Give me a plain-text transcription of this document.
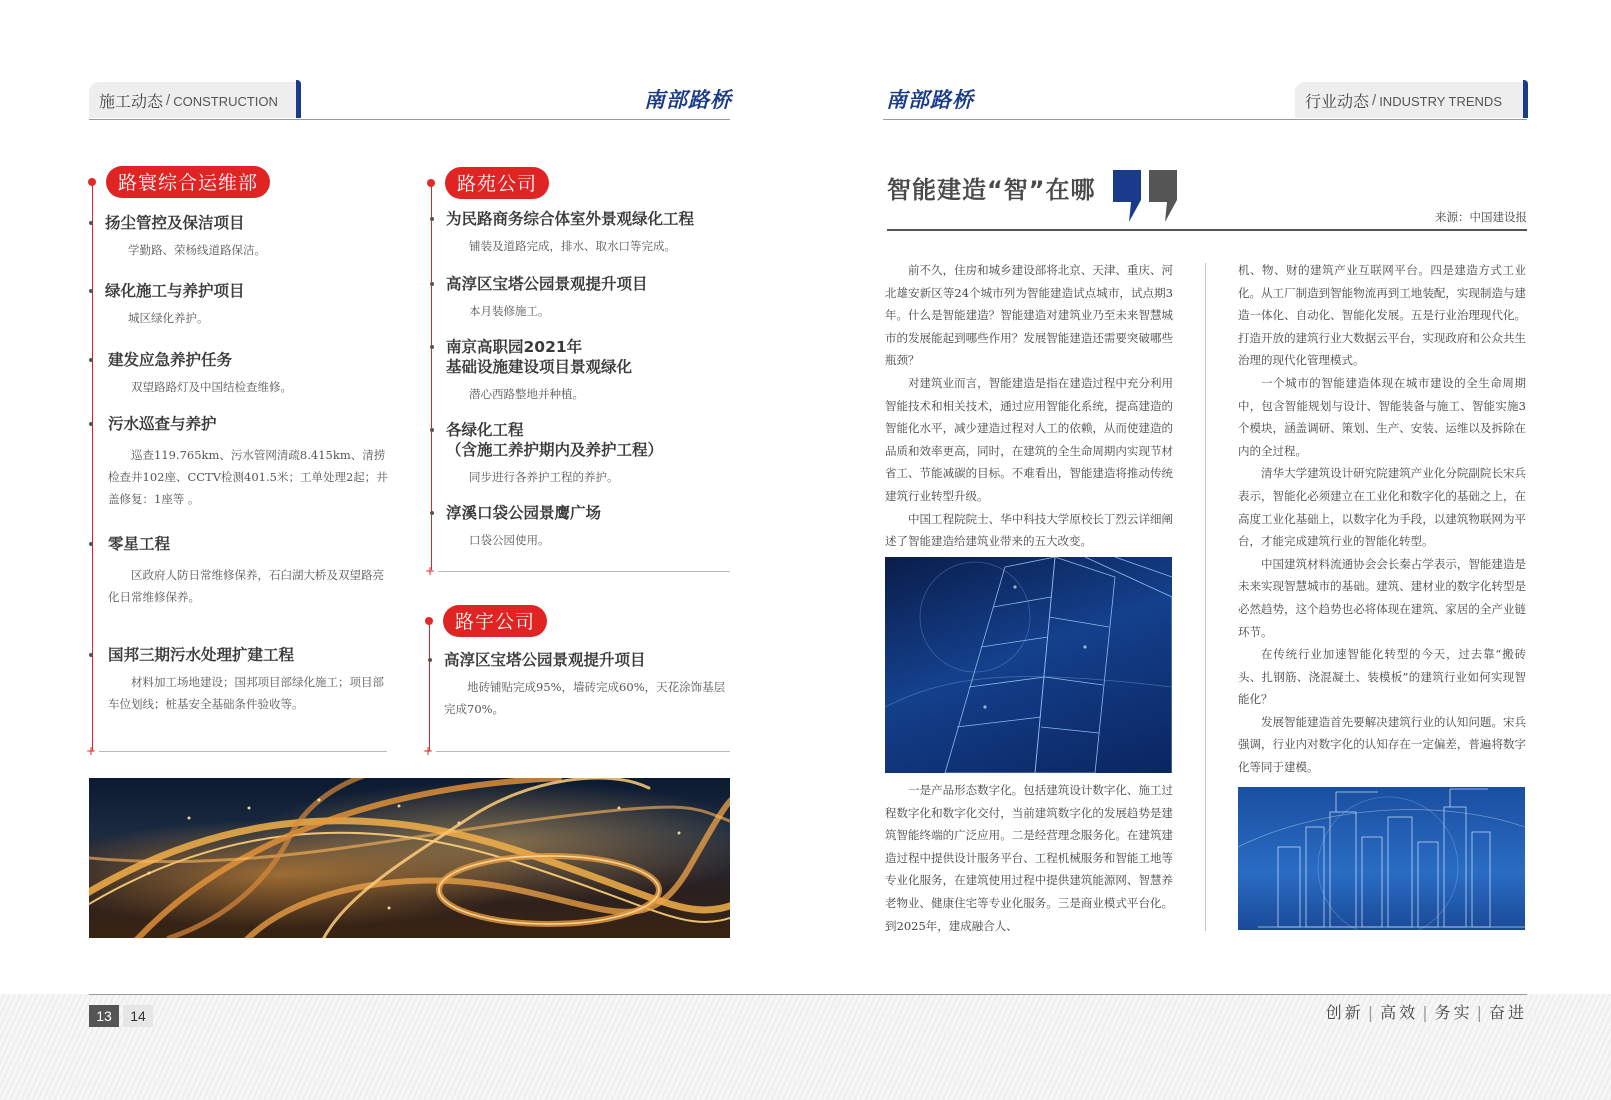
施工动态 / CONSTRUCTION	南部路桥	南部路桥	行业动态 / INDUSTRY TRENDS
+
路寰综合运维部
扬尘管控及保洁项目
学勤路、荣杨线道路保洁。
绿化施工与养护项目
城区绿化养护。
建发应急养护任务
双望路路灯及中国结检查维修。
污水巡查与养护
巡查119.765km、污水管网清疏8.415km、清捞检查井102座、CCTV检测401.5米；工单处理2起；井盖修复：1座等 。
零星工程
区政府人防日常维修保养，石臼湖大桥及双望路亮化日常维修保养。
国邦三期污水处理扩建工程
材料加工场地建设；国邦项目部绿化施工；项目部车位划线；桩基安全基础条件验收等。
+
路苑公司
为民路商务综合体室外景观绿化工程
铺装及道路完成，排水、取水口等完成。
高淳区宝塔公园景观提升项目
本月装修施工。
南京高职园2021年
基础设施建设项目景观绿化
潜心西路整地并种植。
各绿化工程
（含施工养护期内及养护工程）
同步进行各养护工程的养护。
淳溪口袋公园景鹰广场
口袋公园使用。
+
路宇公司
高淳区宝塔公园景观提升项目
地砖铺贴完成95%，墙砖完成60%，天花涂饰基层完成70%。
智能建造“智”在哪
来源：中国建设报

前不久，住房和城乡建设部将北京、天津、重庆、河北雄安新区等24个城市列为智能建造试点城市，试点期3年。什么是智能建造？智能建造对建筑业乃至未来智慧城市的发展能起到哪些作用？发展智能建造还需要突破哪些瓶颈？

对建筑业而言，智能建造是指在建造过程中充分利用智能技术和相关技术，通过应用智能化系统，提高建造的智能化水平，减少建造过程对人工的依赖，从而使建造的品质和效率更高，同时，在建筑的全生命周期内实现节材省工、节能减碳的目标。不难看出，智能建造将推动传统建筑行业转型升级。

中国工程院院士、华中科技大学原校长丁烈云详细阐述了智能建造给建筑业带来的五大改变。

一是产品形态数字化。包括建筑设计数字化、施工过程数字化和数字化交付，当前建筑数字化的发展趋势是建筑智能终端的广泛应用。二是经营理念服务化。在建筑建造过程中提供设计服务平台、工程机械服务和智能工地等专业化服务，在建筑使用过程中提供建筑能源网、智慧养老物业、健康住宅等专业化服务。三是商业模式平台化。到2025年，建成融合人、

机、物、财的建筑产业互联网平台。四是建造方式工业化。从工厂制造到智能物流再到工地装配，实现制造与建造一体化、自动化、智能化发展。五是行业治理现代化。打造开放的建筑行业大数据云平台，实现政府和公众共生治理的现代化管理模式。

一个城市的智能建造体现在城市建设的全生命周期中，包含智能规划与设计、智能装备与施工、智能实施3个模块，涵盖调研、策划、生产、安装、运维以及拆除在内的全过程。

清华大学建筑设计研究院建筑产业化分院副院长宋兵表示，智能化必须建立在工业化和数字化的基础之上，在高度工业化基础上，以数字化为手段，以建筑物联网为平台，才能完成建筑行业的智能化转型。

中国建筑材料流通协会会长秦占学表示，智能建造是未来实现智慧城市的基础。建筑、建材业的数字化转型是必然趋势，这个趋势也必将体现在建筑、家居的全产业链环节。

在传统行业加速智能化转型的今天，过去靠“搬砖头、扎钢筋、浇混凝土、装模板”的建筑行业如何实现智能化？

发展智能建造首先要解决建筑行业的认知问题。宋兵强调，行业内对数字化的认知存在一定偏差，普遍将数字化等同于建模。

13	14	创新 | 高效 | 务实 | 奋进
